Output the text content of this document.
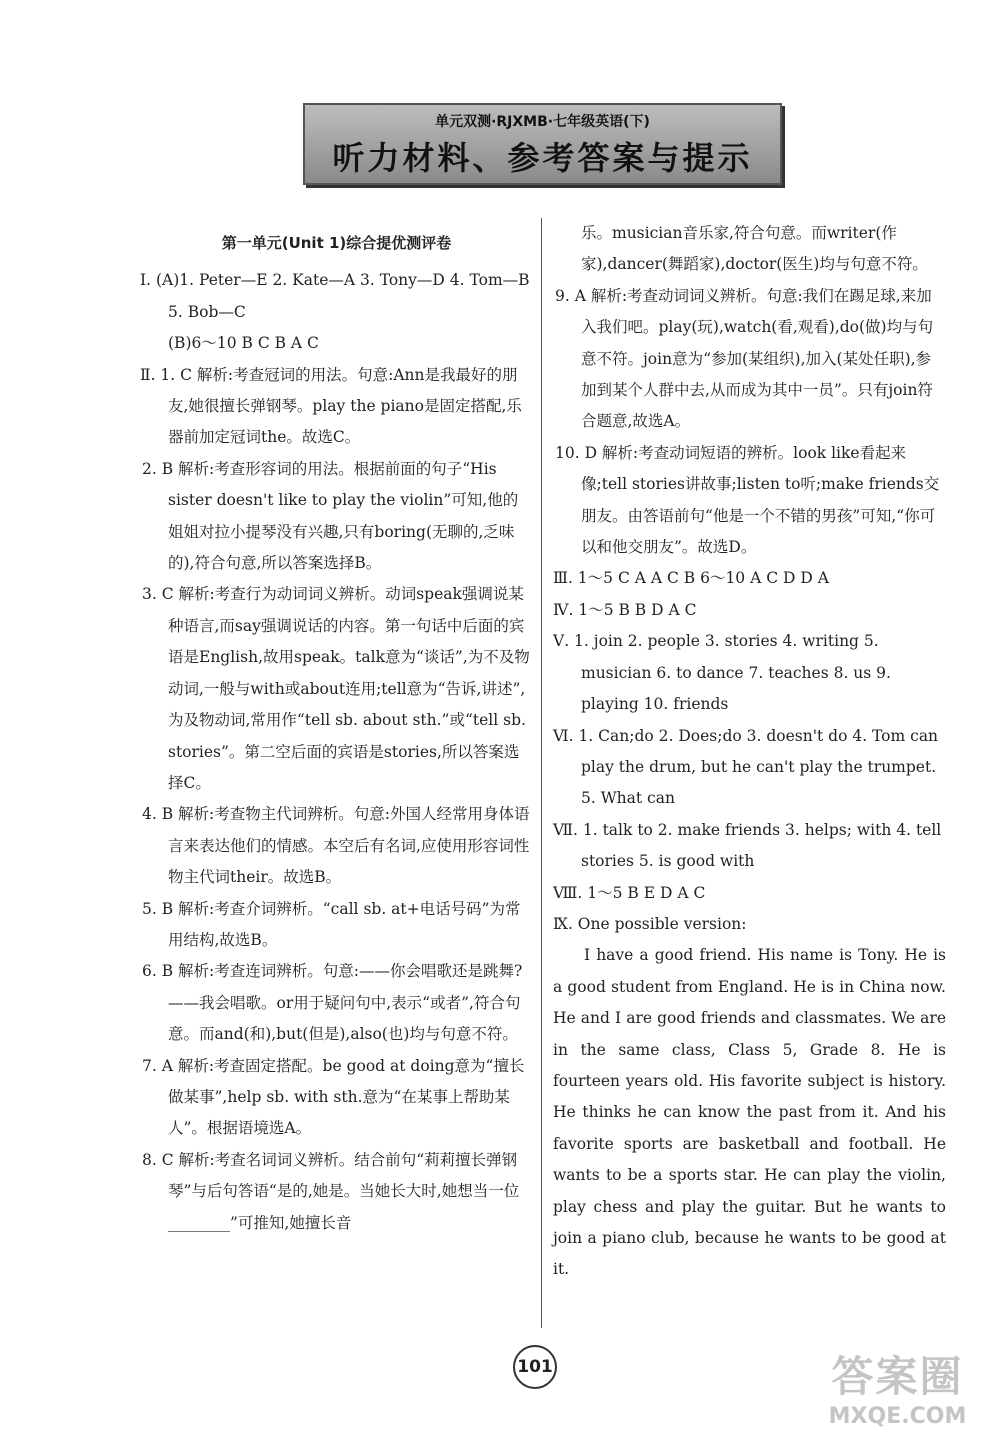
单元双测·RJXMB·七年级英语(下)
听力材料、参考答案与提示
第一单元(Unit 1)综合提优测评卷

Ⅰ. (A)1. Peter—E 2. Kate—A 3. Tony—D 4. Tom—B 5. Bob—C

(B)6～10 B C B A C

Ⅱ. 1. C 解析:考查冠词的用法。句意:Ann是我最好的朋友,她很擅长弹钢琴。play the piano是固定搭配,乐器前加定冠词the。故选C。

2. B 解析:考查形容词的用法。根据前面的句子“His sister doesn't like to play the violin”可知,他的姐姐对拉小提琴没有兴趣,只有boring(无聊的,乏味的),符合句意,所以答案选择B。

3. C 解析:考查行为动词词义辨析。动词speak强调说某种语言,而say强调说话的内容。第一句话中后面的宾语是English,故用speak。talk意为“谈话”,为不及物动词,一般与with或about连用;tell意为“告诉,讲述”,为及物动词,常用作“tell sb. about sth.”或“tell sb. stories”。第二空后面的宾语是stories,所以答案选择C。

4. B 解析:考查物主代词辨析。句意:外国人经常用身体语言来表达他们的情感。本空后有名词,应使用形容词性物主代词their。故选B。

5. B 解析:考查介词辨析。“call sb. at+电话号码”为常用结构,故选B。

6. B 解析:考查连词辨析。句意:——你会唱歌还是跳舞?——我会唱歌。or用于疑问句中,表示“或者”,符合句意。而and(和),but(但是),also(也)均与句意不符。

7. A 解析:考查固定搭配。be good at doing意为“擅长做某事”,help sb. with sth.意为“在某事上帮助某人”。根据语境选A。

8. C 解析:考查名词词义辨析。结合前句“莉莉擅长弹钢琴”与后句答语“是的,她是。当她长大时,她想当一位________”可推知,她擅长音

乐。musician音乐家,符合句意。而writer(作家),dancer(舞蹈家),doctor(医生)均与句意不符。

9. A 解析:考查动词词义辨析。句意:我们在踢足球,来加入我们吧。play(玩),watch(看,观看),do(做)均与句意不符。join意为“参加(某组织),加入(某处任职),参加到某个人群中去,从而成为其中一员”。只有join符合题意,故选A。

10. D 解析:考查动词短语的辨析。look like看起来像;tell stories讲故事;listen to听;make friends交朋友。由答语前句“他是一个不错的男孩”可知,“你可以和他交朋友”。故选D。

Ⅲ. 1～5 C A A C B 6～10 A C D D A

Ⅳ. 1～5 B B D A C

Ⅴ. 1. join 2. people 3. stories 4. writing 5. musician 6. to dance 7. teaches 8. us 9. playing 10. friends

Ⅵ. 1. Can;do 2. Does;do 3. doesn't do 4. Tom can play the drum, but he can't play the trumpet. 5. What can

Ⅶ. 1. talk to 2. make friends 3. helps; with 4. tell stories 5. is good with

Ⅷ. 1～5 B E D A C

Ⅸ. One possible version:

I have a good friend. His name is Tony. He is a good student from England. He is in China now. He and I are good friends and classmates. We are in the same class, Class 5, Grade 8. He is fourteen years old. His favorite subject is history. He thinks he can know the past from it. And his favorite sports are basketball and football. He wants to be a sports star. He can play the violin, play chess and play the guitar. But he wants to join a piano club, because he wants to be good at it.

101	答案圈
MXQE.COM
